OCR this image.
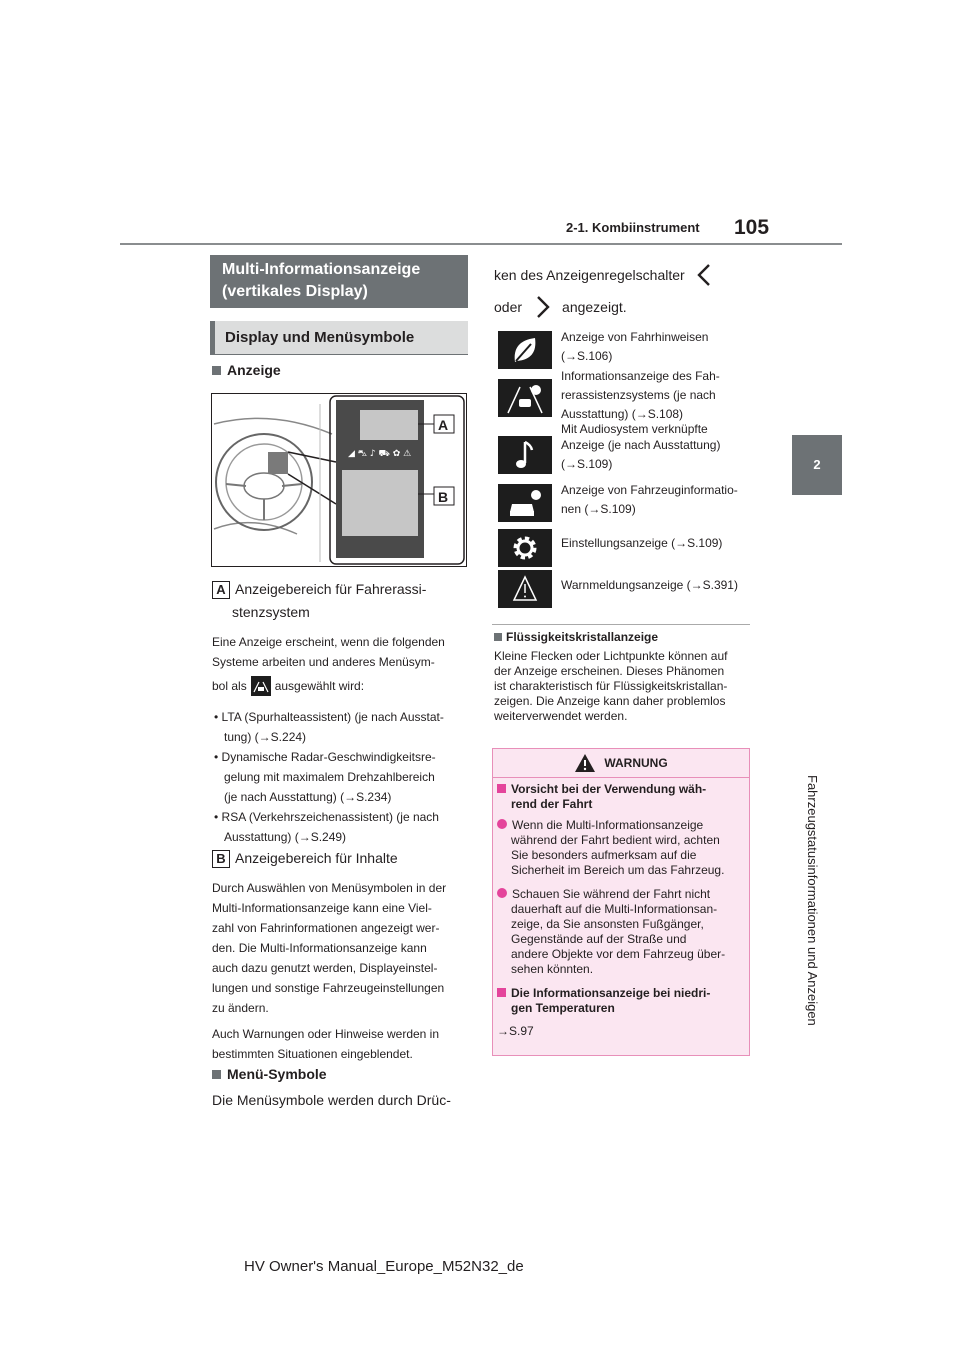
2-1. Kombiinstrument 105
2
Fahrzeugstatusinformationen und Anzeigen
Multi-Informationsanzeige (vertikales Display)
Display und Menüsymbole
Anzeige
◢ ⛍ ♪ ⛟ ✿ ⚠
A
B
A Anzeigebereich für Fahrerassi-
stenzsystem
Eine Anzeige erscheint, wenn die folgenden
Systeme arbeiten und anderes Menüsym-
bol als ausgewählt wird:
• LTA (Spurhalteassistent) (je nach Ausstat-
tung) (→S.224)
• Dynamische Radar-Geschwindigkeitsre-
gelung mit maximalem Drehzahlbereich
(je nach Ausstattung) (→S.234)
• RSA (Verkehrszeichenassistent) (je nach
Ausstattung) (→S.249)
B Anzeigebereich für Inhalte
Durch Auswählen von Menüsymbolen in der
Multi-Informationsanzeige kann eine Viel-
zahl von Fahrinformationen angezeigt wer-
den. Die Multi-Informationsanzeige kann
auch dazu genutzt werden, Displayeinstel-
lungen und sonstige Fahrzeugeinstellungen
zu ändern.
Auch Warnungen oder Hinweise werden in
bestimmten Situationen eingeblendet.
Menü-Symbole
Die Menüsymbole werden durch Drüc-
ken des Anzeigenregelschalter
oder	angezeigt.
Anzeige von Fahrhinweisen
(→S.106)
Informationsanzeige des Fah-
rerassistenzsystems (je nach
Ausstattung) (→S.108)
Mit Audiosystem verknüpfte
Anzeige (je nach Ausstattung)
(→S.109)
Anzeige von Fahrzeuginformatio-
nen (→S.109)
Einstellungsanzeige (→S.109)
Warnmeldungsanzeige (→S.391)
Flüssigkeitskristallanzeige
Kleine Flecken oder Lichtpunkte können auf
der Anzeige erscheinen. Dieses Phänomen
ist charakteristisch für Flüssigkeitskristallan-
zeigen. Die Anzeige kann daher problemlos
weiterverwendet werden.
WARNUNG
Vorsicht bei der Verwendung wäh-
rend der Fahrt
Wenn die Multi-Informationsanzeige
während der Fahrt bedient wird, achten
Sie besonders aufmerksam auf die
Sicherheit im Bereich um das Fahrzeug.
Schauen Sie während der Fahrt nicht
dauerhaft auf die Multi-Informationsan-
zeige, da Sie ansonsten Fußgänger,
Gegenstände auf der Straße und
andere Objekte vor dem Fahrzeug über-
sehen könnten.
Die Informationsanzeige bei niedri-
gen Temperaturen
→S.97
HV Owner's Manual_Europe_M52N32_de
